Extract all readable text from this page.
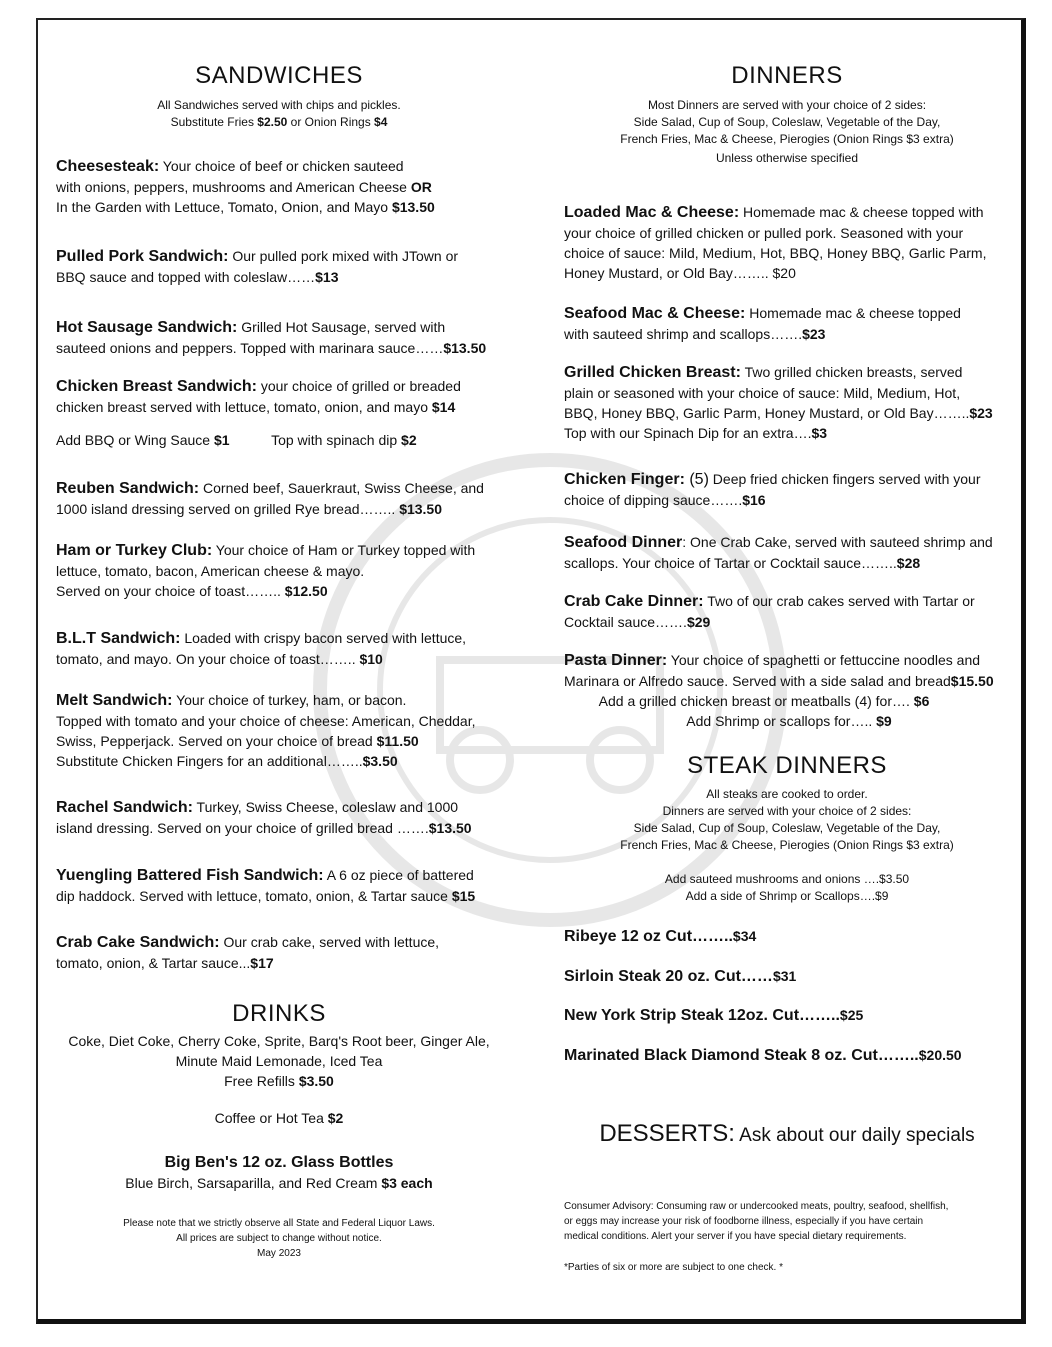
SANDWICHES
All Sandwiches served with chips and pickles.
Substitute Fries $2.50 or Onion Rings $4
Cheesesteak: Your choice of beef or chicken sauteed
with onions, peppers, mushrooms and American Cheese OR
In the Garden with Lettuce, Tomato, Onion, and Mayo $13.50
Pulled Pork Sandwich: Our pulled pork mixed with JTown or
BBQ sauce and topped with coleslaw……$13
Hot Sausage Sandwich: Grilled Hot Sausage, served with
sauteed onions and peppers. Topped with marinara sauce……$13.50
Chicken Breast Sandwich: your choice of grilled or breaded
chicken breast served with lettuce, tomato, onion, and mayo $14
Add BBQ or Wing Sauce $1	Top with spinach dip $2
Reuben Sandwich: Corned beef, Sauerkraut, Swiss Cheese, and
1000 island dressing served on grilled Rye bread…….. $13.50
Ham or Turkey Club: Your choice of Ham or Turkey topped with
lettuce, tomato, bacon, American cheese & mayo.
Served on your choice of toast…….. $12.50
B.L.T Sandwich: Loaded with crispy bacon served with lettuce,
tomato, and mayo. On your choice of toast…….. $10
Melt Sandwich: Your choice of turkey, ham, or bacon.
Topped with tomato and your choice of cheese: American, Cheddar,
Swiss, Pepperjack. Served on your choice of bread $11.50
Substitute Chicken Fingers for an additional……..$3.50
Rachel Sandwich: Turkey, Swiss Cheese, coleslaw and 1000
island dressing. Served on your choice of grilled bread …….$13.50
Yuengling Battered Fish Sandwich: A 6 oz piece of battered
dip haddock. Served with lettuce, tomato, onion, & Tartar sauce $15
Crab Cake Sandwich: Our crab cake, served with lettuce,
tomato, onion, & Tartar sauce...$17
DRINKS
Coke, Diet Coke, Cherry Coke, Sprite, Barq's Root beer, Ginger Ale,
Minute Maid Lemonade, Iced Tea
Free Refills $3.50
Coffee or Hot Tea $2
Big Ben's 12 oz. Glass Bottles
Blue Birch, Sarsaparilla, and Red Cream $3 each
Please note that we strictly observe all State and Federal Liquor Laws.
All prices are subject to change without notice.
May 2023
DINNERS
Most Dinners are served with your choice of 2 sides:
Side Salad, Cup of Soup, Coleslaw, Vegetable of the Day,
French Fries, Mac & Cheese, Pierogies (Onion Rings $3 extra)
Unless otherwise specified
Loaded Mac & Cheese: Homemade mac & cheese topped with
your choice of grilled chicken or pulled pork. Seasoned with your
choice of sauce: Mild, Medium, Hot, BBQ, Honey BBQ, Garlic Parm,
Honey Mustard, or Old Bay…….. $20
Seafood Mac & Cheese: Homemade mac & cheese topped
with sauteed shrimp and scallops…….$23
Grilled Chicken Breast: Two grilled chicken breasts, served
plain or seasoned with your choice of sauce: Mild, Medium, Hot,
BBQ, Honey BBQ, Garlic Parm, Honey Mustard, or Old Bay……..$23
Top with our Spinach Dip for an extra….$3
Chicken Finger: (5) Deep fried chicken fingers served with your
choice of dipping sauce…….$16
Seafood Dinner: One Crab Cake, served with sauteed shrimp and
scallops. Your choice of Tartar or Cocktail sauce……..$28
Crab Cake Dinner: Two of our crab cakes served with Tartar or
Cocktail sauce…….$29
Pasta Dinner: Your choice of spaghetti or fettuccine noodles and
Marinara or Alfredo sauce. Served with a side salad and bread$15.50
Add a grilled chicken breast or meatballs (4) for…. $6
Add Shrimp or scallops for….. $9
STEAK DINNERS
All steaks are cooked to order.
Dinners are served with your choice of 2 sides:
Side Salad, Cup of Soup, Coleslaw, Vegetable of the Day,
French Fries, Mac & Cheese, Pierogies (Onion Rings $3 extra)
Add sauteed mushrooms and onions ….$3.50
Add a side of Shrimp or Scallops….$9
Ribeye 12 oz Cut……..$34
Sirloin Steak 20 oz. Cut……$31
New York Strip Steak 12oz. Cut……..$25
Marinated Black Diamond Steak 8 oz. Cut……..$20.50
DESSERTS: Ask about our daily specials
Consumer Advisory: Consuming raw or undercooked meats, poultry, seafood, shellfish,
or eggs may increase your risk of foodborne illness, especially if you have certain
medical conditions. Alert your server if you have special dietary requirements.
*Parties of six or more are subject to one check. *
